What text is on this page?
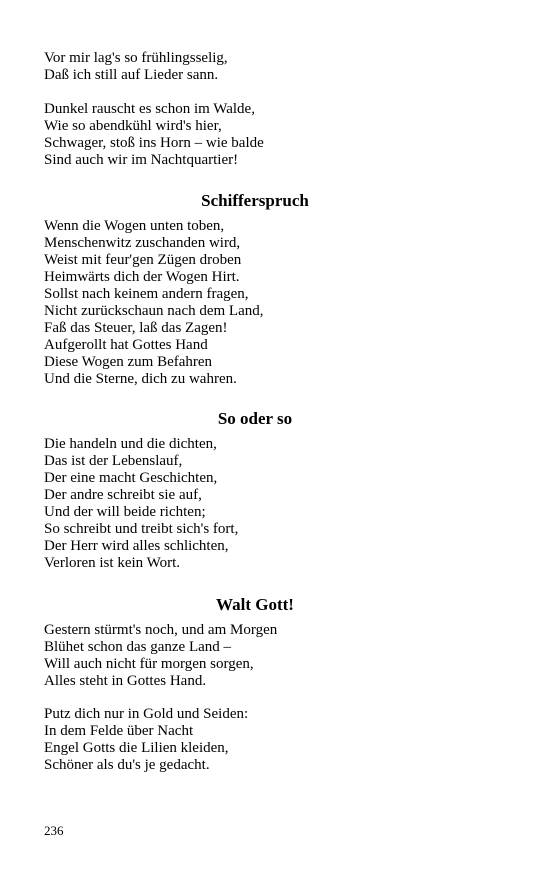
Vor mir lag's so frühlingsselig,
Daß ich still auf Lieder sann.
Dunkel rauscht es schon im Walde,
Wie so abendkühl wird's hier,
Schwager, stoß ins Horn – wie balde
Sind auch wir im Nachtquartier!
Schifferspruch
Wenn die Wogen unten toben,
Menschenwitz zuschanden wird,
Weist mit feur'gen Zügen droben
Heimwärts dich der Wogen Hirt.
Sollst nach keinem andern fragen,
Nicht zurückschaun nach dem Land,
Faß das Steuer, laß das Zagen!
Aufgerollt hat Gottes Hand
Diese Wogen zum Befahren
Und die Sterne, dich zu wahren.
So oder so
Die handeln und die dichten,
Das ist der Lebenslauf,
Der eine macht Geschichten,
Der andre schreibt sie auf,
Und der will beide richten;
So schreibt und treibt sich's fort,
Der Herr wird alles schlichten,
Verloren ist kein Wort.
Walt Gott!
Gestern stürmt's noch, und am Morgen
Blühet schon das ganze Land –
Will auch nicht für morgen sorgen,
Alles steht in Gottes Hand.
Putz dich nur in Gold und Seiden:
In dem Felde über Nacht
Engel Gotts die Lilien kleiden,
Schöner als du's je gedacht.
236
